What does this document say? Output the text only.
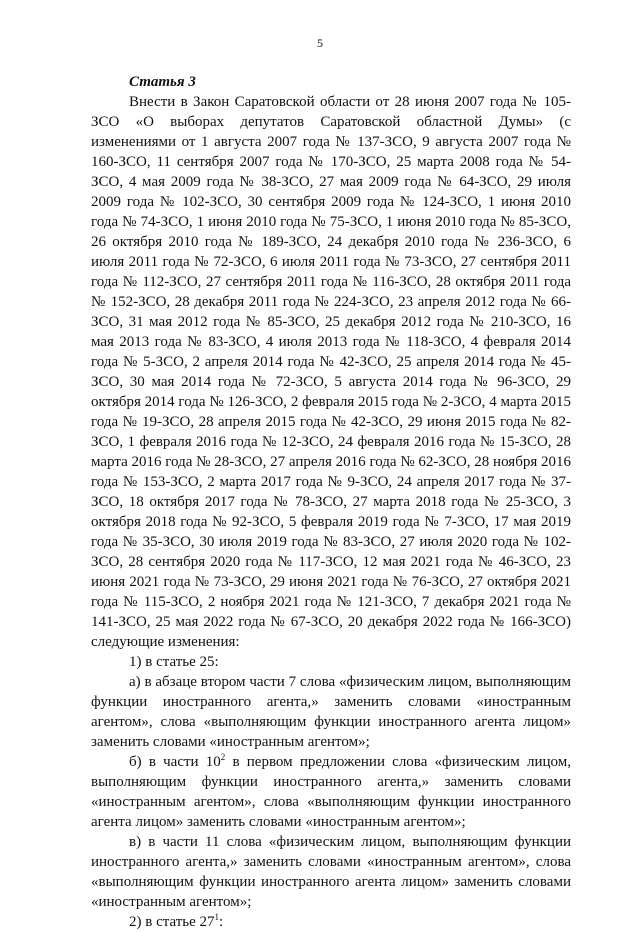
5

Статья 3

Внести в Закон Саратовской области от 28 июня 2007 года № 105-ЗСО «О выборах депутатов Саратовской областной Думы» (с изменениями от 1 августа 2007 года № 137-ЗСО, 9 августа 2007 года № 160-ЗСО, 11 сентября 2007 года № 170-ЗСО, 25 марта 2008 года № 54-ЗСО, 4 мая 2009 года № 38-ЗСО, 27 мая 2009 года № 64-ЗСО, 29 июля 2009 года № 102-ЗСО, 30 сентября 2009 года № 124-ЗСО, 1 июня 2010 года № 74-ЗСО, 1 июня 2010 года № 75-ЗСО, 1 июня 2010 года № 85-ЗСО, 26 октября 2010 года № 189-ЗСО, 24 декабря 2010 года № 236-ЗСО, 6 июля 2011 года № 72-ЗСО, 6 июля 2011 года № 73-ЗСО, 27 сентября 2011 года № 112-ЗСО, 27 сентября 2011 года № 116-ЗСО, 28 октября 2011 года № 152-ЗСО, 28 декабря 2011 года № 224-ЗСО, 23 апреля 2012 года № 66-ЗСО, 31 мая 2012 года № 85-ЗСО, 25 декабря 2012 года № 210-ЗСО, 16 мая 2013 года № 83-ЗСО, 4 июля 2013 года № 118-ЗСО, 4 февраля 2014 года № 5-ЗСО, 2 апреля 2014 года № 42-ЗСО, 25 апреля 2014 года № 45-ЗСО, 30 мая 2014 года № 72-ЗСО, 5 августа 2014 года № 96-ЗСО, 29 октября 2014 года № 126-ЗСО, 2 февраля 2015 года № 2-ЗСО, 4 марта 2015 года № 19-ЗСО, 28 апреля 2015 года № 42-ЗСО, 29 июня 2015 года № 82-ЗСО, 1 февраля 2016 года № 12-ЗСО, 24 февраля 2016 года № 15-ЗСО, 28 марта 2016 года № 28-ЗСО, 27 апреля 2016 года № 62-ЗСО, 28 ноября 2016 года № 153-ЗСО, 2 марта 2017 года № 9-ЗСО, 24 апреля 2017 года № 37-ЗСО, 18 октября 2017 года № 78-ЗСО, 27 марта 2018 года № 25-ЗСО, 3 октября 2018 года № 92-ЗСО, 5 февраля 2019 года № 7-ЗСО, 17 мая 2019 года № 35-ЗСО, 30 июля 2019 года № 83-ЗСО, 27 июля 2020 года № 102-ЗСО, 28 сентября 2020 года № 117-ЗСО, 12 мая 2021 года № 46-ЗСО, 23 июня 2021 года № 73-ЗСО, 29 июня 2021 года № 76-ЗСО, 27 октября 2021 года № 115-ЗСО, 2 ноября 2021 года № 121-ЗСО, 7 декабря 2021 года № 141-ЗСО, 25 мая 2022 года № 67-ЗСО, 20 декабря 2022 года № 166-ЗСО) следующие изменения:

1) в статье 25:

а) в абзаце втором части 7 слова «физическим лицом, выполняющим функции иностранного агента,» заменить словами «иностранным агентом», слова «выполняющим функции иностранного агента лицом» заменить словами «иностранным агентом»;

б) в части $10^2$ в первом предложении слова «физическим лицом, выполняющим функции иностранного агента,» заменить словами «иностранным агентом», слова «выполняющим функции иностранного агента лицом» заменить словами «иностранным агентом»;

в) в части 11 слова «физическим лицом, выполняющим функции иностранного агента,» заменить словами «иностранным агентом», слова «выполняющим функции иностранного агента лицом» заменить словами «иностранным агентом»;

2) в статье $27^1$:
